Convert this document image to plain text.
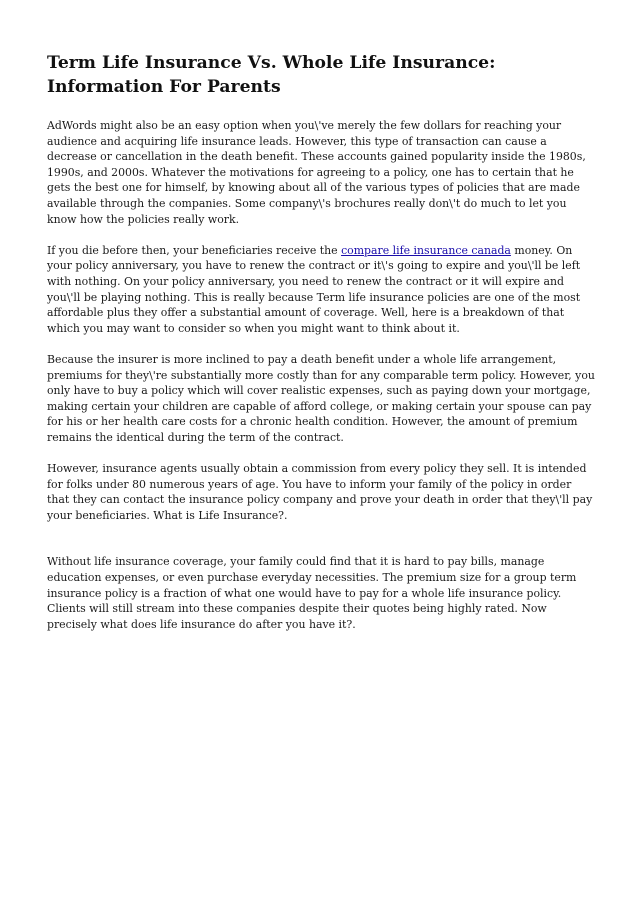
Term Life Insurance Vs. Whole Life Insurance: Information For Parents

AdWords might also be an easy option when you\'ve merely the few dollars for reaching your audience and acquiring life insurance leads. However, this type of transaction can cause a decrease or cancellation in the death benefit. These accounts gained popularity inside the 1980s, 1990s, and 2000s. Whatever the motivations for agreeing to a policy, one has to certain that he gets the best one for himself, by knowing about all of the various types of policies that are made available through the companies. Some company\'s brochures really don\'t do much to let you know how the policies really work.

If you die before then, your beneficiaries receive the compare life insurance canada money. On your policy anniversary, you have to renew the contract or it\'s going to expire and you\'ll be left with nothing. On your policy anniversary, you need to renew the contract or it will expire and you\'ll be playing nothing. This is really because Term life insurance policies are one of the most affordable plus they offer a substantial amount of coverage. Well, here is a breakdown of that which you may want to consider so when you might want to think about it.

Because the insurer is more inclined to pay a death benefit under a whole life arrangement, premiums for they\'re substantially more costly than for any comparable term policy. However, you only have to buy a policy which will cover realistic expenses, such as paying down your mortgage, making certain your children are capable of afford college, or making certain your spouse can pay for his or her health care costs for a chronic health condition. However, the amount of premium remains the identical during the term of the contract.

However, insurance agents usually obtain a commission from every policy they sell. It is intended for folks under 80 numerous years of age. You have to inform your family of the policy in order that they can contact the insurance policy company and prove your death in order that they\'ll pay your beneficiaries. What is Life Insurance?.

Without life insurance coverage, your family could find that it is hard to pay bills, manage education expenses, or even purchase everyday necessities. The premium size for a group term insurance policy is a fraction of what one would have to pay for a whole life insurance policy. Clients will still stream into these companies despite their quotes being highly rated. Now precisely what does life insurance do after you have it?.
